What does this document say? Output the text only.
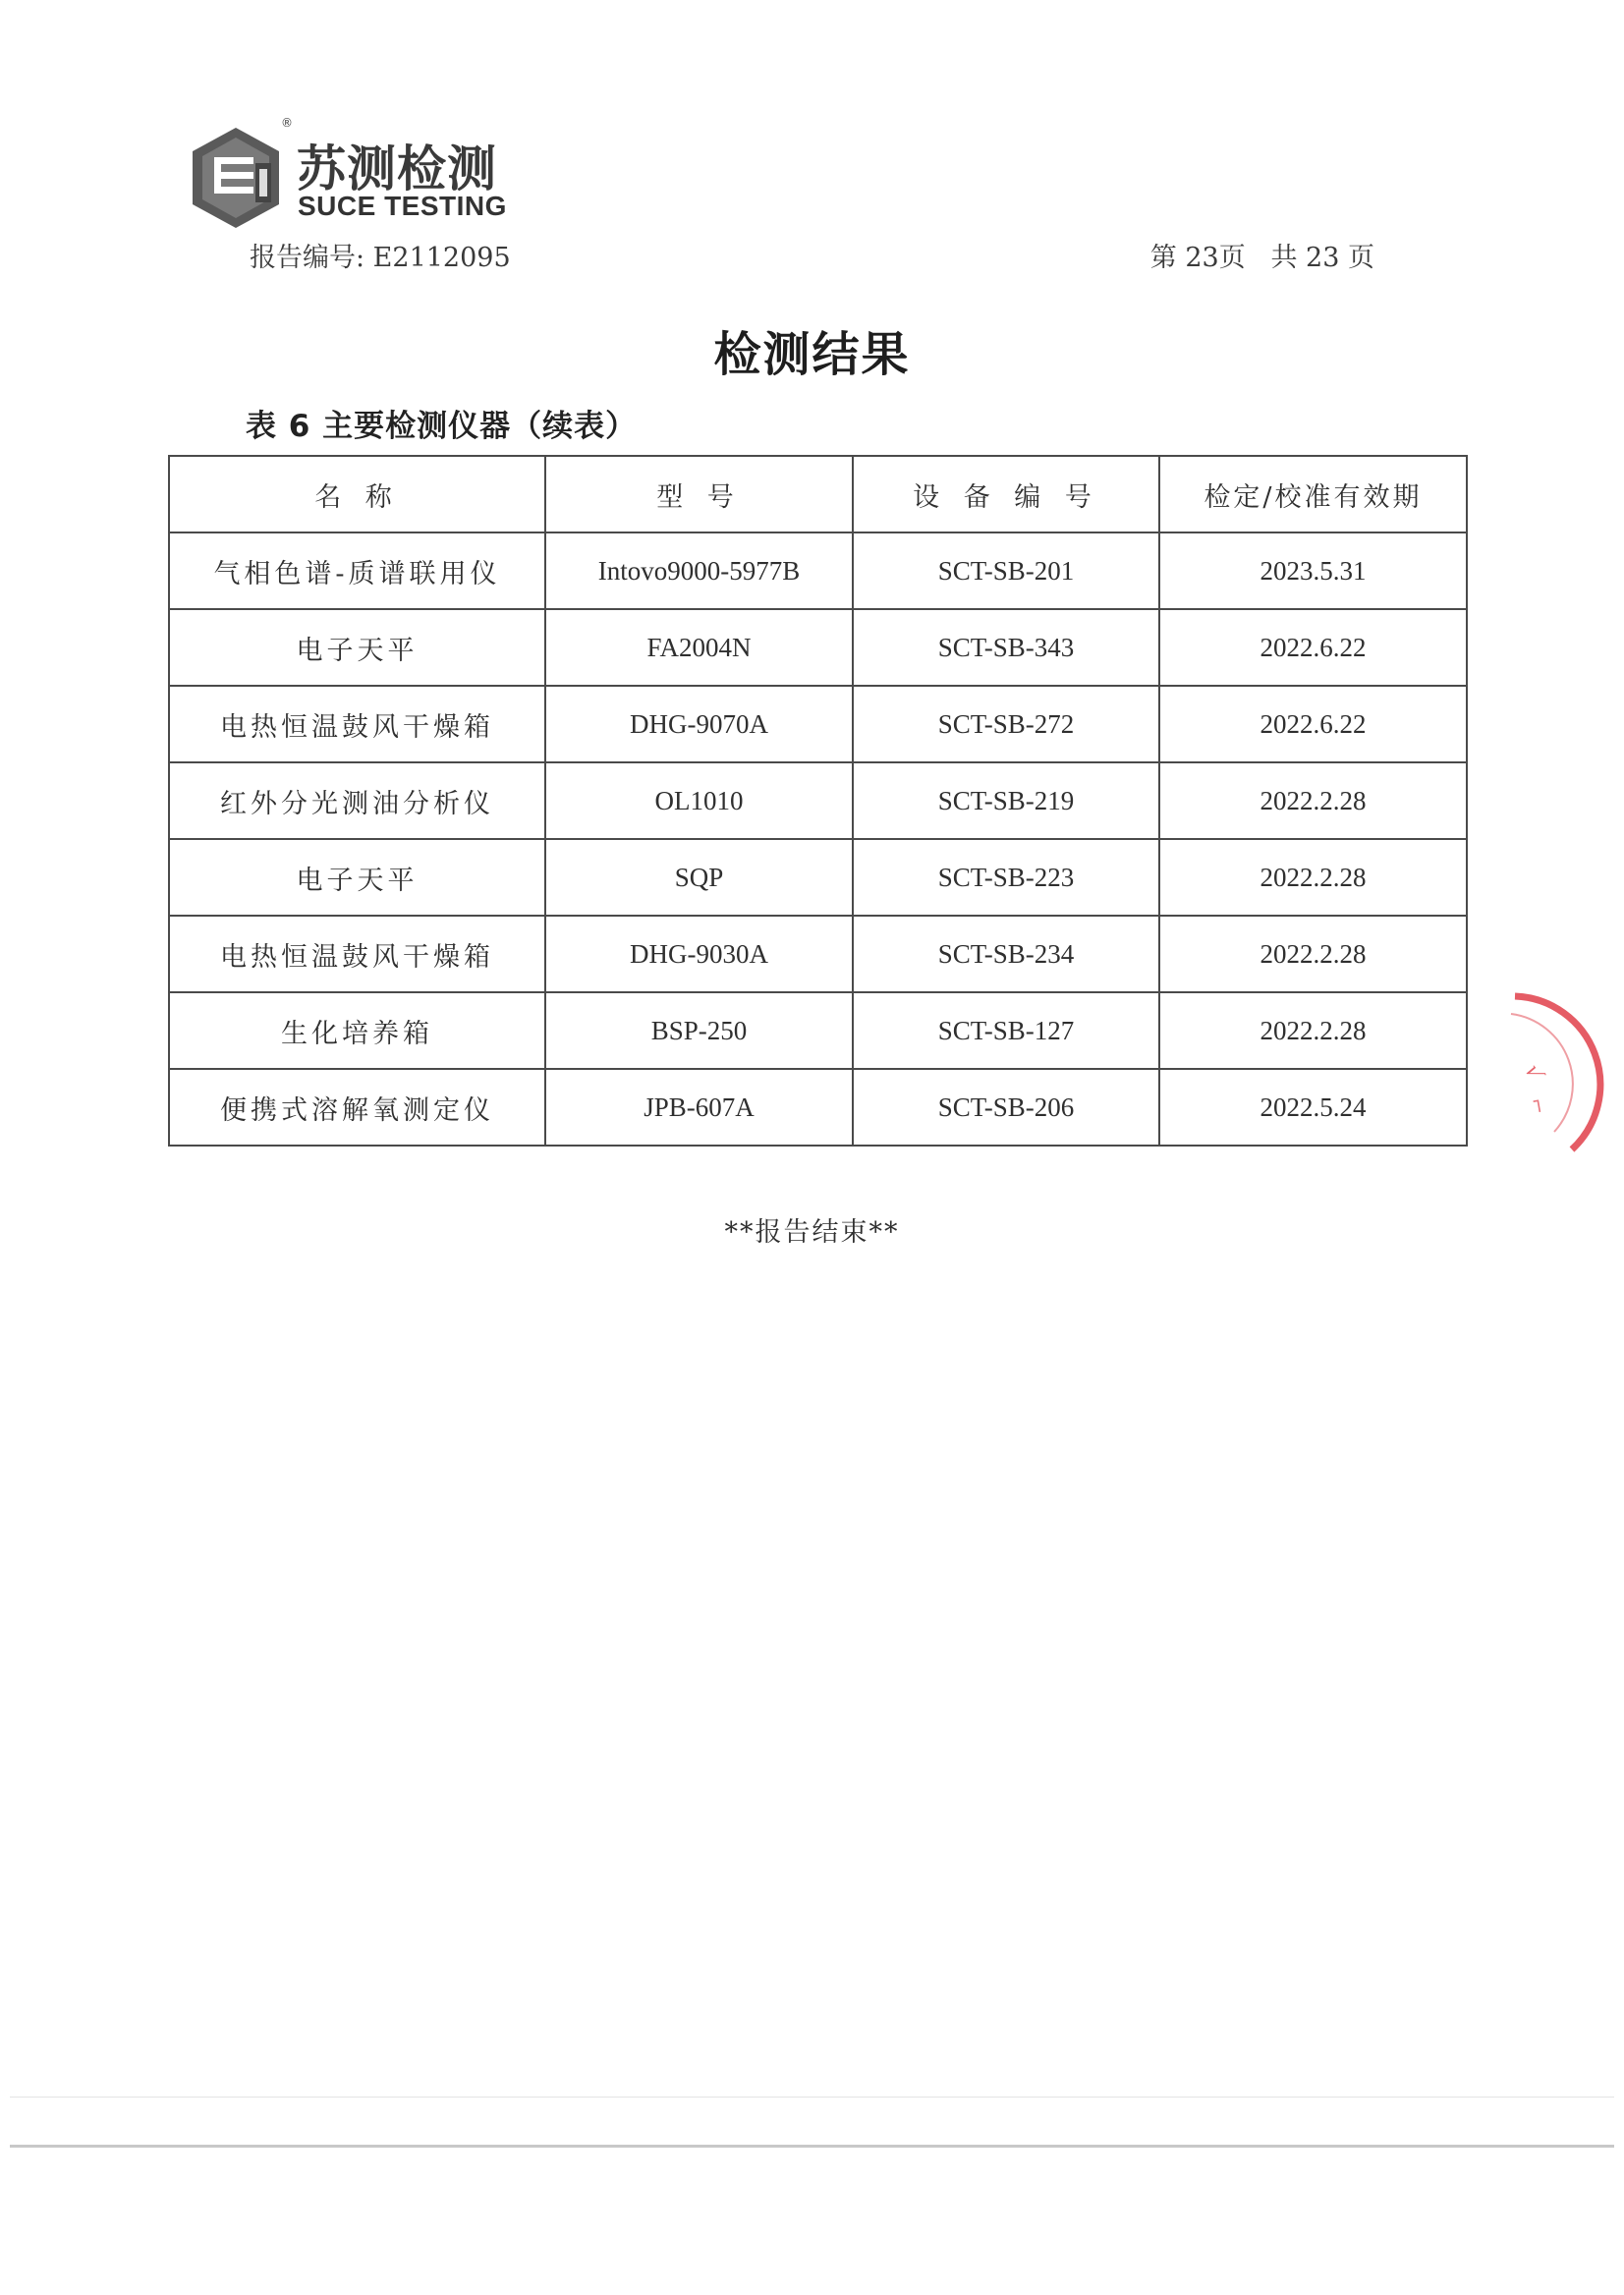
®
苏测检测
SUCE TESTING
报告编号: E2112095	第 23页   共 23 页
检测结果
表 6 主要检测仪器（续表）
名 称	型 号	设 备 编 号	检定/校准有效期
气相色谱-质谱联用仪	Intovo9000-5977B	SCT-SB-201	2023.5.31
电子天平	FA2004N	SCT-SB-343	2022.6.22
电热恒温鼓风干燥箱	DHG-9070A	SCT-SB-272	2022.6.22
红外分光测油分析仪	OL1010	SCT-SB-219	2022.2.28
电子天平	SQP	SCT-SB-223	2022.2.28
电热恒温鼓风干燥箱	DHG-9030A	SCT-SB-234	2022.2.28
生化培养箱	BSP-250	SCT-SB-127	2022.2.28
便携式溶解氧测定仪	JPB-607A	SCT-SB-206	2022.5.24
√
⌐
**报告结束**
